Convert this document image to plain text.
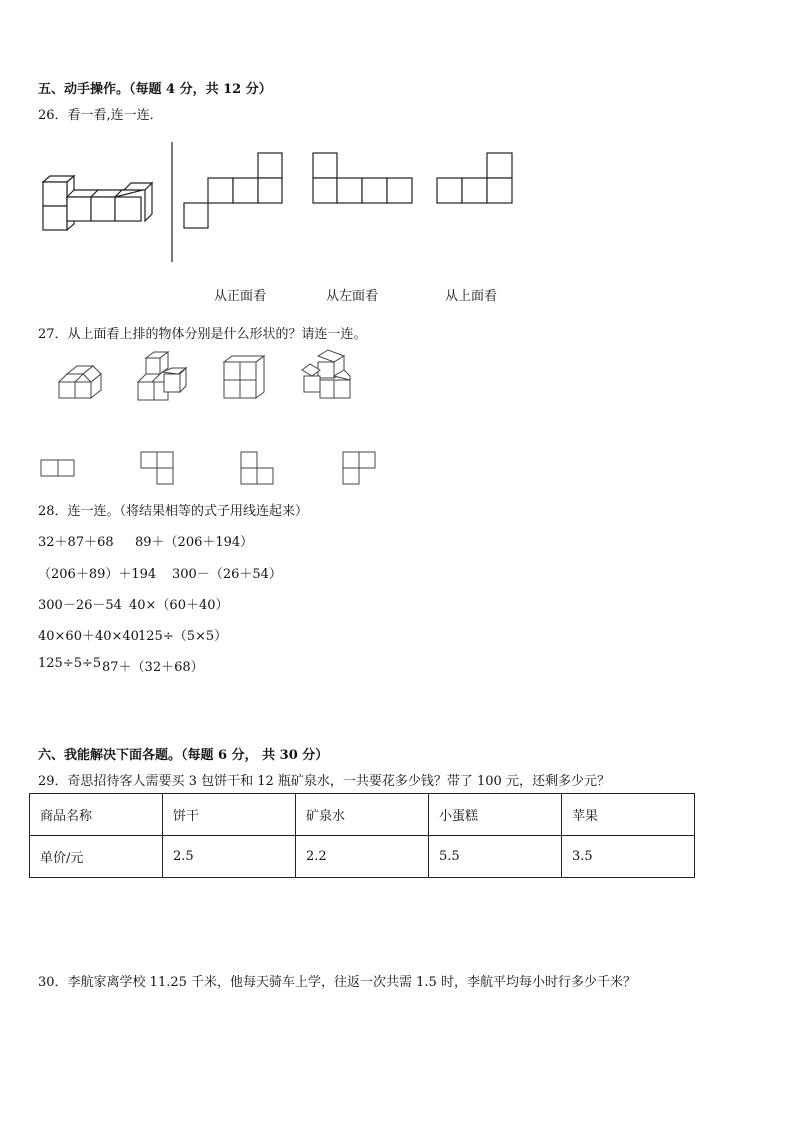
五、动手操作。（每题 4 分，共 12 分）
26．看一看,连一连．
从正面看	从左面看	从上面看
27．从上面看上排的物体分别是什么形状的？请连一连。
28．连一连。（将结果相等的式子用线连起来）
32＋87＋68 89＋（206＋194）
（206＋89）＋194 300－（26＋54）
300－26－54 40×（60＋40）
40×60＋40×40 125÷（5×5）
125÷5÷5 87＋（32＋68）
六、我能解决下面各题。（每题 6 分， 共 30 分）
29．奇思招待客人需要买 3 包饼干和 12 瓶矿泉水，一共要花多少钱？带了 100 元，还剩多少元？
商品名称	饼干	矿泉水	小蛋糕	苹果
单价/元	2.5	2.2	5.5	3.5
30．李航家离学校 11.25 千米，他每天骑车上学，往返一次共需 1.5 时，李航平均每小时行多少千米？
